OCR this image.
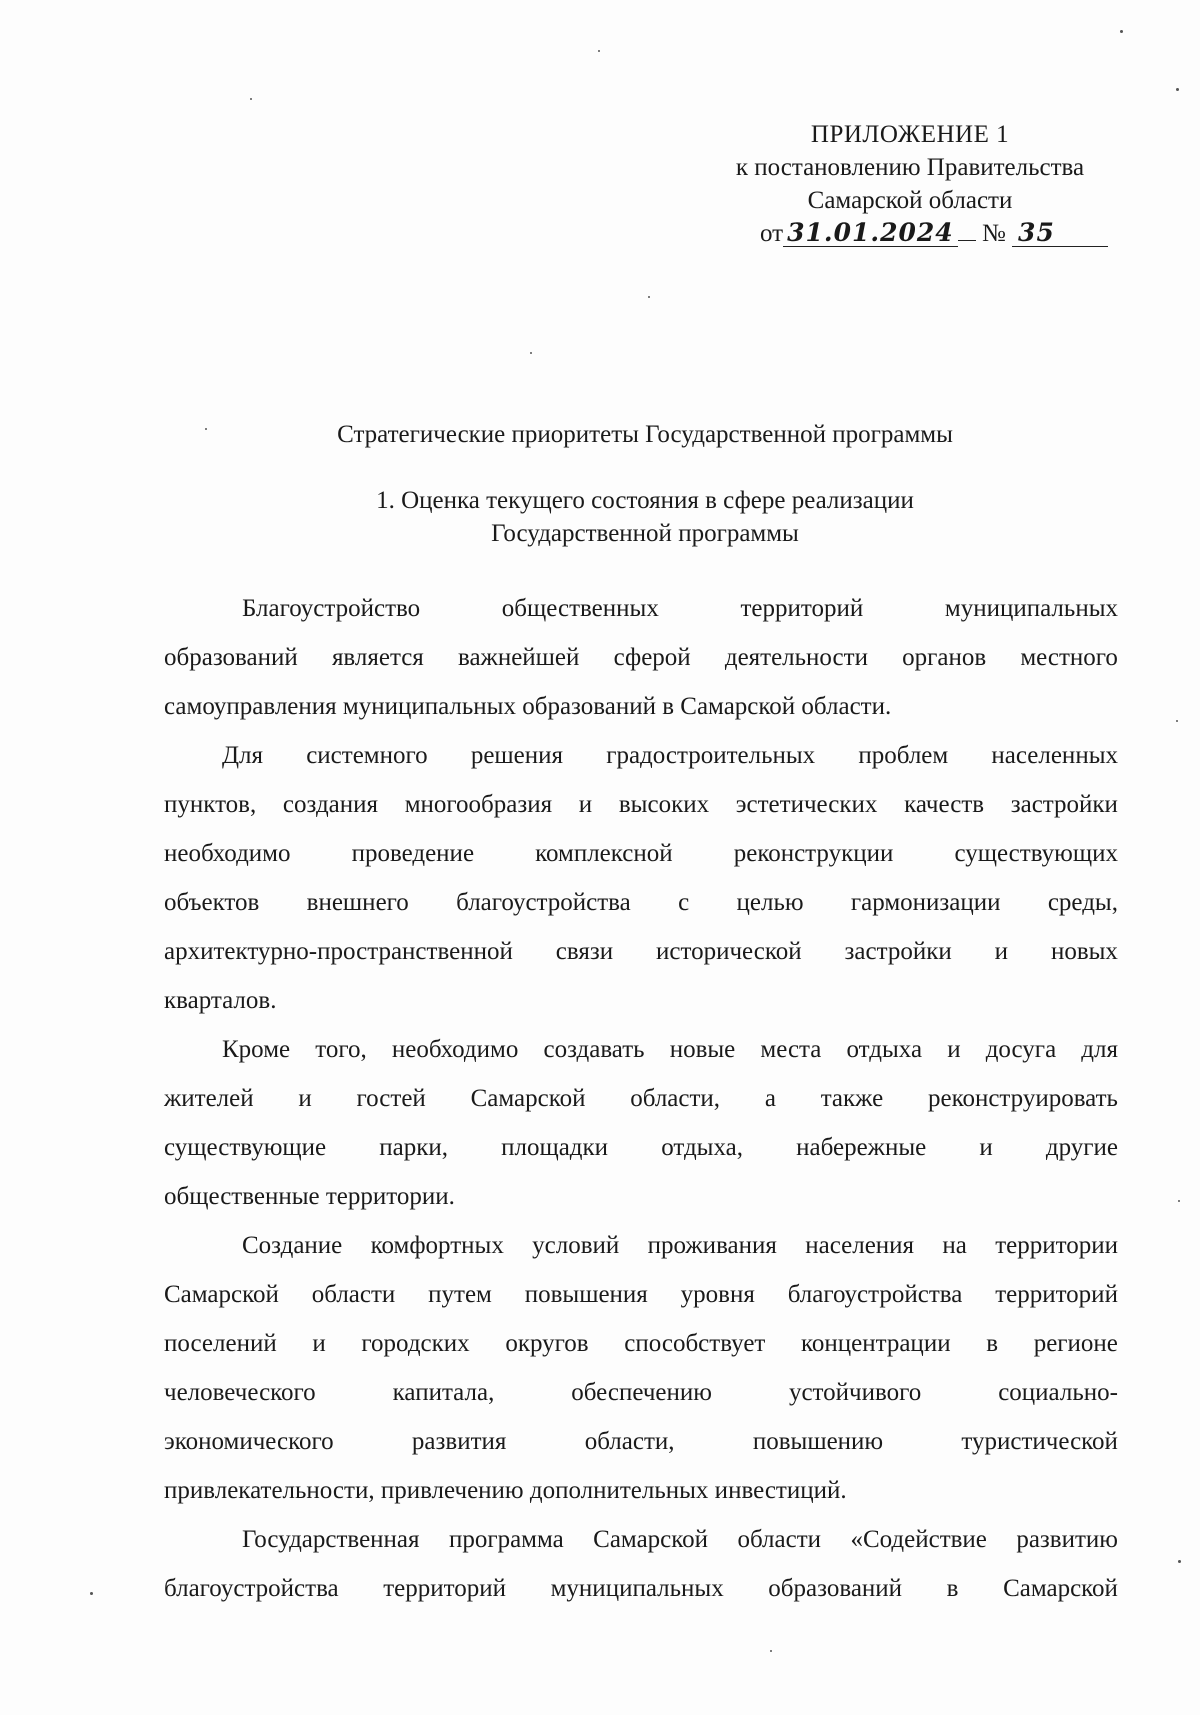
ПРИЛОЖЕНИЕ 1
к постановлению Правительства
Самарской области
от 31.01.2024 № 35
Стратегические приоритеты Государственной программы
1. Оценка текущего состояния в сфере реализации
Государственной программы
Благоустройство	общественных	территорий	муниципальных
образований является важнейшей сферой деятельности органов местного
самоуправления муниципальных образований в Самарской области.
Для системного решения градостроительных проблем населенных
пунктов, создания многообразия и высоких эстетических качеств застройки
необходимо проведение комплексной реконструкции существующих
объектов внешнего благоустройства с целью гармонизации среды,
архитектурно-пространственной связи исторической застройки и новых
кварталов.
Кроме того, необходимо создавать новые места отдыха и досуга для
жителей и гостей Самарской области, а также реконструировать
существующие парки, площадки отдыха, набережные и другие
общественные территории.
Создание комфортных условий проживания населения на территории
Самарской области путем повышения уровня благоустройства территорий
поселений и городских округов способствует концентрации в регионе
человеческого	капитала,	обеспечению	устойчивого	социально-
экономического	развития	области,	повышению	туристической
привлекательности, привлечению дополнительных инвестиций.
Государственная программа Самарской области «Содействие развитию
благоустройства территорий муниципальных образований в Самарской
